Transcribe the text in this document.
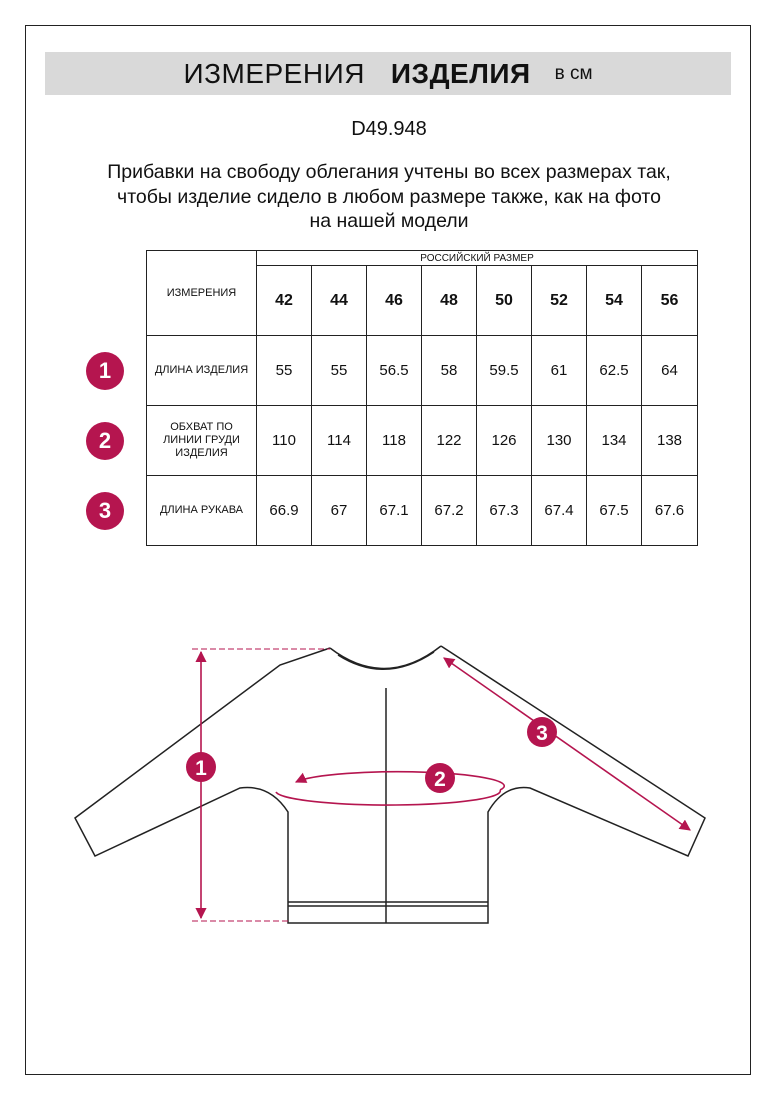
ИЗМЕРЕНИЯ ИЗДЕЛИЯ в см
D49.948
Прибавки на свободу облегания учтены во всех размерах так,
чтобы изделие сидело в любом размере также, как на фото
на нашей модели
ИЗМЕРЕНИЯ	РОССИЙСКИЙ РАЗМЕР							
	42	44	46	48	50	52	54	56

ДЛИНА ИЗДЕЛИЯ	55	55	56.5	58	59.5	61	62.5	64

ОБХВАТ ПО
ЛИНИИ ГРУДИ
ИЗДЕЛИЯ	110	114	118	122	126	130	134	138

ДЛИНА РУКАВА	66.9	67	67.1	67.2	67.3	67.4	67.5	67.6
1
2
3
1	2
3
